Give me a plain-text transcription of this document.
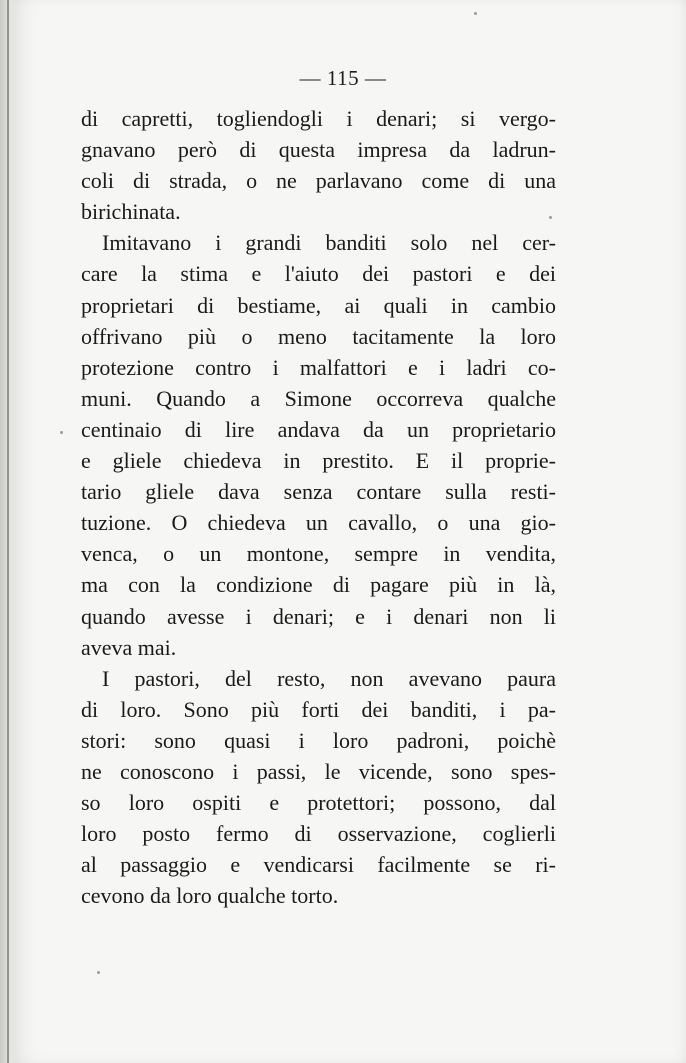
— 115 —
di capretti, togliendogli i denari; si vergo-
gnavano però di questa impresa da ladrun-
coli di strada, o ne parlavano come di una
birichinata.
Imitavano i grandi banditi solo nel cer-
care la stima e l'aiuto dei pastori e dei
proprietari di bestiame, ai quali in cambio
offrivano più o meno tacitamente la loro
protezione contro i malfattori e i ladri co-
muni. Quando a Simone occorreva qualche
centinaio di lire andava da un proprietario
e gliele chiedeva in prestito. E il proprie-
tario gliele dava senza contare sulla resti-
tuzione. O chiedeva un cavallo, o una gio-
venca, o un montone, sempre in vendita,
ma con la condizione di pagare più in là,
quando avesse i denari; e i denari non li
aveva mai.
I pastori, del resto, non avevano paura
di loro. Sono più forti dei banditi, i pa-
stori: sono quasi i loro padroni, poichè
ne conoscono i passi, le vicende, sono spes-
so loro ospiti e protettori; possono, dal
loro posto fermo di osservazione, coglierli
al passaggio e vendicarsi facilmente se ri-
cevono da loro qualche torto.
